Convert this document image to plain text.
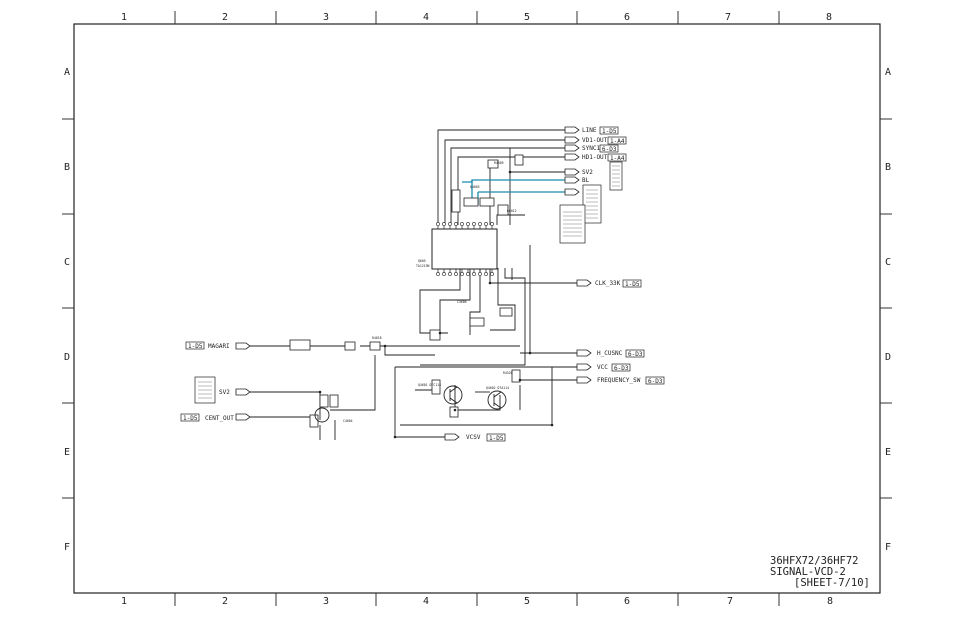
1	2	3	4	5	6	7	8
1	2	3	4	5	6	7	8
A
B
C
D
E
F
A
B
C
D
E
F
Q605
TA1219N
R4509
Q4603
R6012
Q4601 DTC114
Q4602 DTA114
C4606
R4520
R4618
C4604
LINE 1-D5
VD1-OUT 1-A4
SYNC1 6-D3
HD1-OUT 1-A4
SV2
BL
CLK_33K 1-D5
H_CUSNC 6-D3
VCC 6-D3
FREQUENCY_SW 6-D3
1-D5 MAGARI
SV2
1-D5 CENT_OUT
VCSV 1-D5
36HFX72/36HF72
SIGNAL-VCD-2
[SHEET-7/10]
